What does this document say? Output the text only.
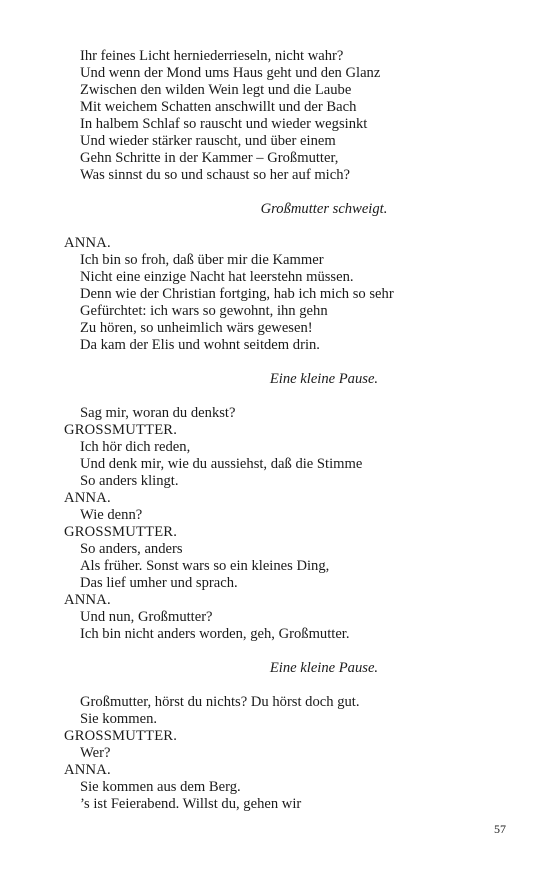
Ihr feines Licht herniederrieseln, nicht wahr?
Und wenn der Mond ums Haus geht und den Glanz
Zwischen den wilden Wein legt und die Laube
Mit weichem Schatten anschwillt und der Bach
In halbem Schlaf so rauscht und wieder wegsinkt
Und wieder stärker rauscht, und über einem
Gehn Schritte in der Kammer – Großmutter,
Was sinnst du so und schaust so her auf mich?
Großmutter schweigt.
ANNA.
Ich bin so froh, daß über mir die Kammer
Nicht eine einzige Nacht hat leerstehn müssen.
Denn wie der Christian fortging, hab ich mich so sehr
Gefürchtet: ich wars so gewohnt, ihn gehn
Zu hören, so unheimlich wärs gewesen!
Da kam der Elis und wohnt seitdem drin.
Eine kleine Pause.
Sag mir, woran du denkst?
GROSSMUTTER.
Ich hör dich reden,
Und denk mir, wie du aussiehst, daß die Stimme
So anders klingt.
ANNA.
Wie denn?
GROSSMUTTER.
So anders, anders
Als früher. Sonst wars so ein kleines Ding,
Das lief umher und sprach.
ANNA.
Und nun, Großmutter?
Ich bin nicht anders worden, geh, Großmutter.
Eine kleine Pause.
Großmutter, hörst du nichts? Du hörst doch gut.
Sie kommen.
GROSSMUTTER.
Wer?
ANNA.
Sie kommen aus dem Berg.
’s ist Feierabend. Willst du, gehen wir
57
